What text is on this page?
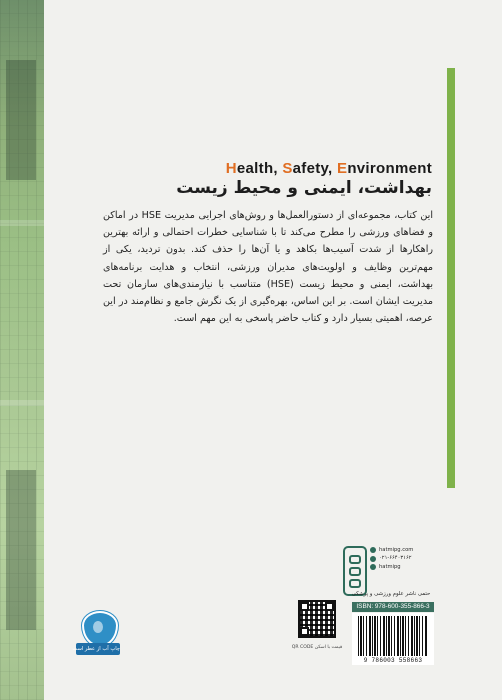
Health, Safety, Environment
بهداشت، ایمنی و محیط زیست
این کتاب، مجموعه‌ای از دستورالعمل‌ها و روش‌های اجرایی مدیریت HSE در اماکن و فضاهای ورزشی را مطرح می‌کند تا با شناسایی خطرات احتمالی و ارائه بهترین راهکارها از شدت آسیب‌ها بکاهد و یا آن‌ها را حذف کند. بدون تردید، یکی از مهم‌ترین وظایف و اولویت‌های مدیران ورزشی، انتخاب و هدایت برنامه‌های بهداشت، ایمنی و محیط زیست (HSE) متناسب با نیازمندی‌های سازمان تحت مدیریت ایشان است. بر این اساس، بهره‌گیری از یک نگرش جامع و نظام‌مند در این عرصه، اهمیتی بسیار دارد و کتاب حاضر پاسخی به این مهم است.
hatmipg.com
۰۲۱-۶۶۴۰۳۱۶۲
hatmipg
حتمی ناشر علوم ورزشی و پزشکی
ISBN: 978-600-355-866-3
9 786003 558663
قیمت با اسکن QR CODE
چاپ آب از عطر است
